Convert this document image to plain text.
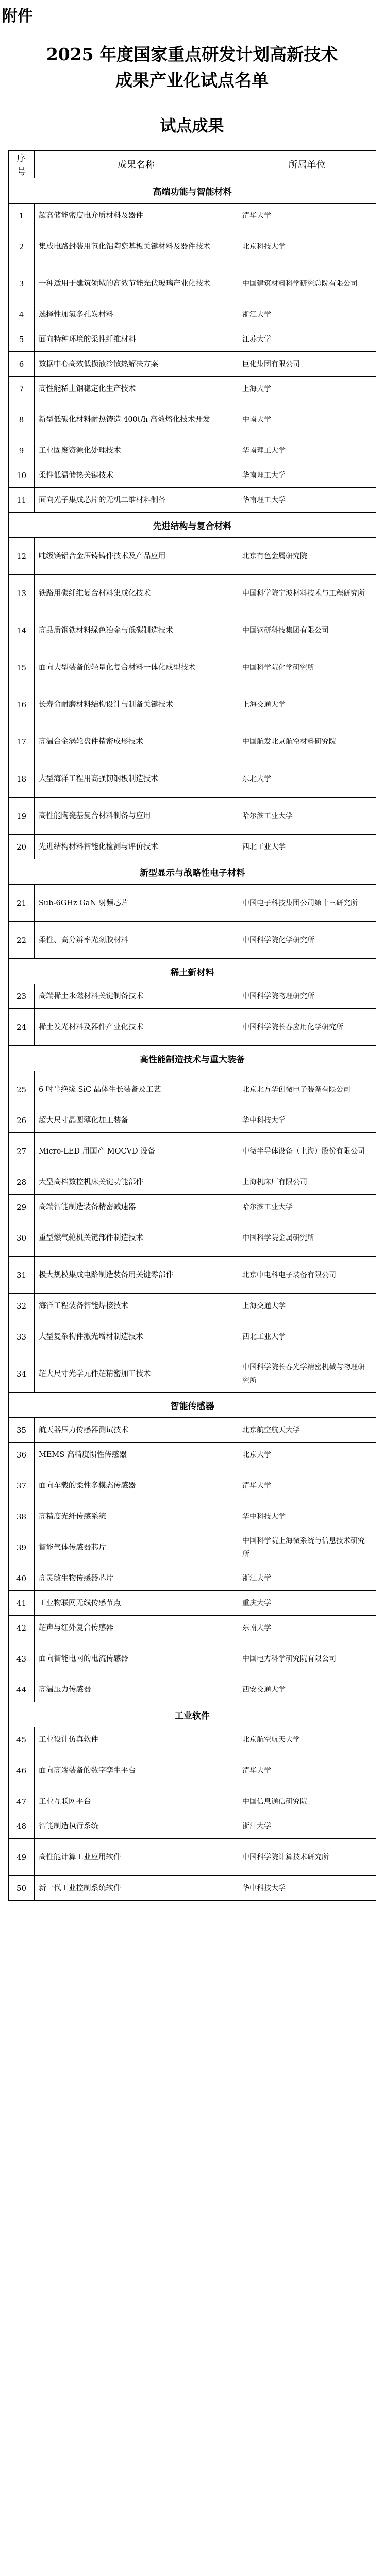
附件
2025 年度国家重点研发计划高新技术
成果产业化试点名单
试点成果
序号	成果名称	所属单位
高端功能与智能材料		
1	超高储能密度电介质材料及器件	清华大学
2	集成电路封装用氧化铝陶瓷基板关键材料及器件技术	北京科技大学
3	一种适用于建筑领域的高效节能光伏玻璃产业化技术	中国建筑材料科学研究总院有限公司
4	选择性加氢多孔炭材料	浙江大学
5	面向特种环境的柔性纤维材料	江苏大学
6	数据中心高效低损液冷散热解决方案	巨化集团有限公司
7	高性能稀土钢稳定化生产技术	上海大学
8	新型低碳化材料耐热铸造 400t/h 高效熔化技术开发	中南大学
9	工业固废资源化处理技术	华南理工大学
10	柔性低温储热关键技术	华南理工大学
11	面向光子集成芯片的无机二维材料制备	华南理工大学
先进结构与复合材料		
12	吨级镁铝合金压铸铸件技术及产品应用	北京有色金属研究院
13	铁路用碳纤维复合材料集成化技术	中国科学院宁波材料技术与工程研究所
14	高品质钢铁材料绿色冶金与低碳制造技术	中国钢研科技集团有限公司
15	面向大型装备的轻量化复合材料一体化成型技术	中国科学院化学研究所
16	长寿命耐磨材料结构设计与制备关键技术	上海交通大学
17	高温合金涡轮盘件精密成形技术	中国航发北京航空材料研究院
18	大型海洋工程用高强韧钢板制造技术	东北大学
19	高性能陶瓷基复合材料制备与应用	哈尔滨工业大学
20	先进结构材料智能化检测与评价技术	西北工业大学
新型显示与战略性电子材料		
21	Sub-6GHz GaN 射频芯片	中国电子科技集团公司第十三研究所
22	柔性、高分辨率光刻胶材料	中国科学院化学研究所
稀土新材料		
23	高端稀土永磁材料关键制备技术	中国科学院物理研究所
24	稀土发光材料及器件产业化技术	中国科学院长春应用化学研究所
高性能制造技术与重大装备		
25	6 吋半绝缘 SiC 晶体生长装备及工艺	北京北方华创微电子装备有限公司
26	超大尺寸晶圆薄化加工装备	华中科技大学
27	Micro-LED 用国产 MOCVD 设备	中微半导体设备（上海）股份有限公司
28	大型高档数控机床关键功能部件	上海机床厂有限公司
29	高端智能制造装备精密减速器	哈尔滨工业大学
30	重型燃气轮机关键部件制造技术	中国科学院金属研究所
31	极大规模集成电路制造装备用关键零部件	北京中电科电子装备有限公司
32	海洋工程装备智能焊接技术	上海交通大学
33	大型复杂构件激光增材制造技术	西北工业大学
34	超大尺寸光学元件超精密加工技术	中国科学院长春光学精密机械与物理研究所
智能传感器		
35	航天器压力传感器测试技术	北京航空航天大学
36	MEMS 高精度惯性传感器	北京大学
37	面向车载的柔性多模态传感器	清华大学
38	高精度光纤传感系统	华中科技大学
39	智能气体传感器芯片	中国科学院上海微系统与信息技术研究所
40	高灵敏生物传感器芯片	浙江大学
41	工业物联网无线传感节点	重庆大学
42	超声与红外复合传感器	东南大学
43	面向智能电网的电流传感器	中国电力科学研究院有限公司
44	高温压力传感器	西安交通大学
工业软件		
45	工业设计仿真软件	北京航空航天大学
46	面向高端装备的数字孪生平台	清华大学
47	工业互联网平台	中国信息通信研究院
48	智能制造执行系统	浙江大学
49	高性能计算工业应用软件	中国科学院计算技术研究所
50	新一代工业控制系统软件	华中科技大学
